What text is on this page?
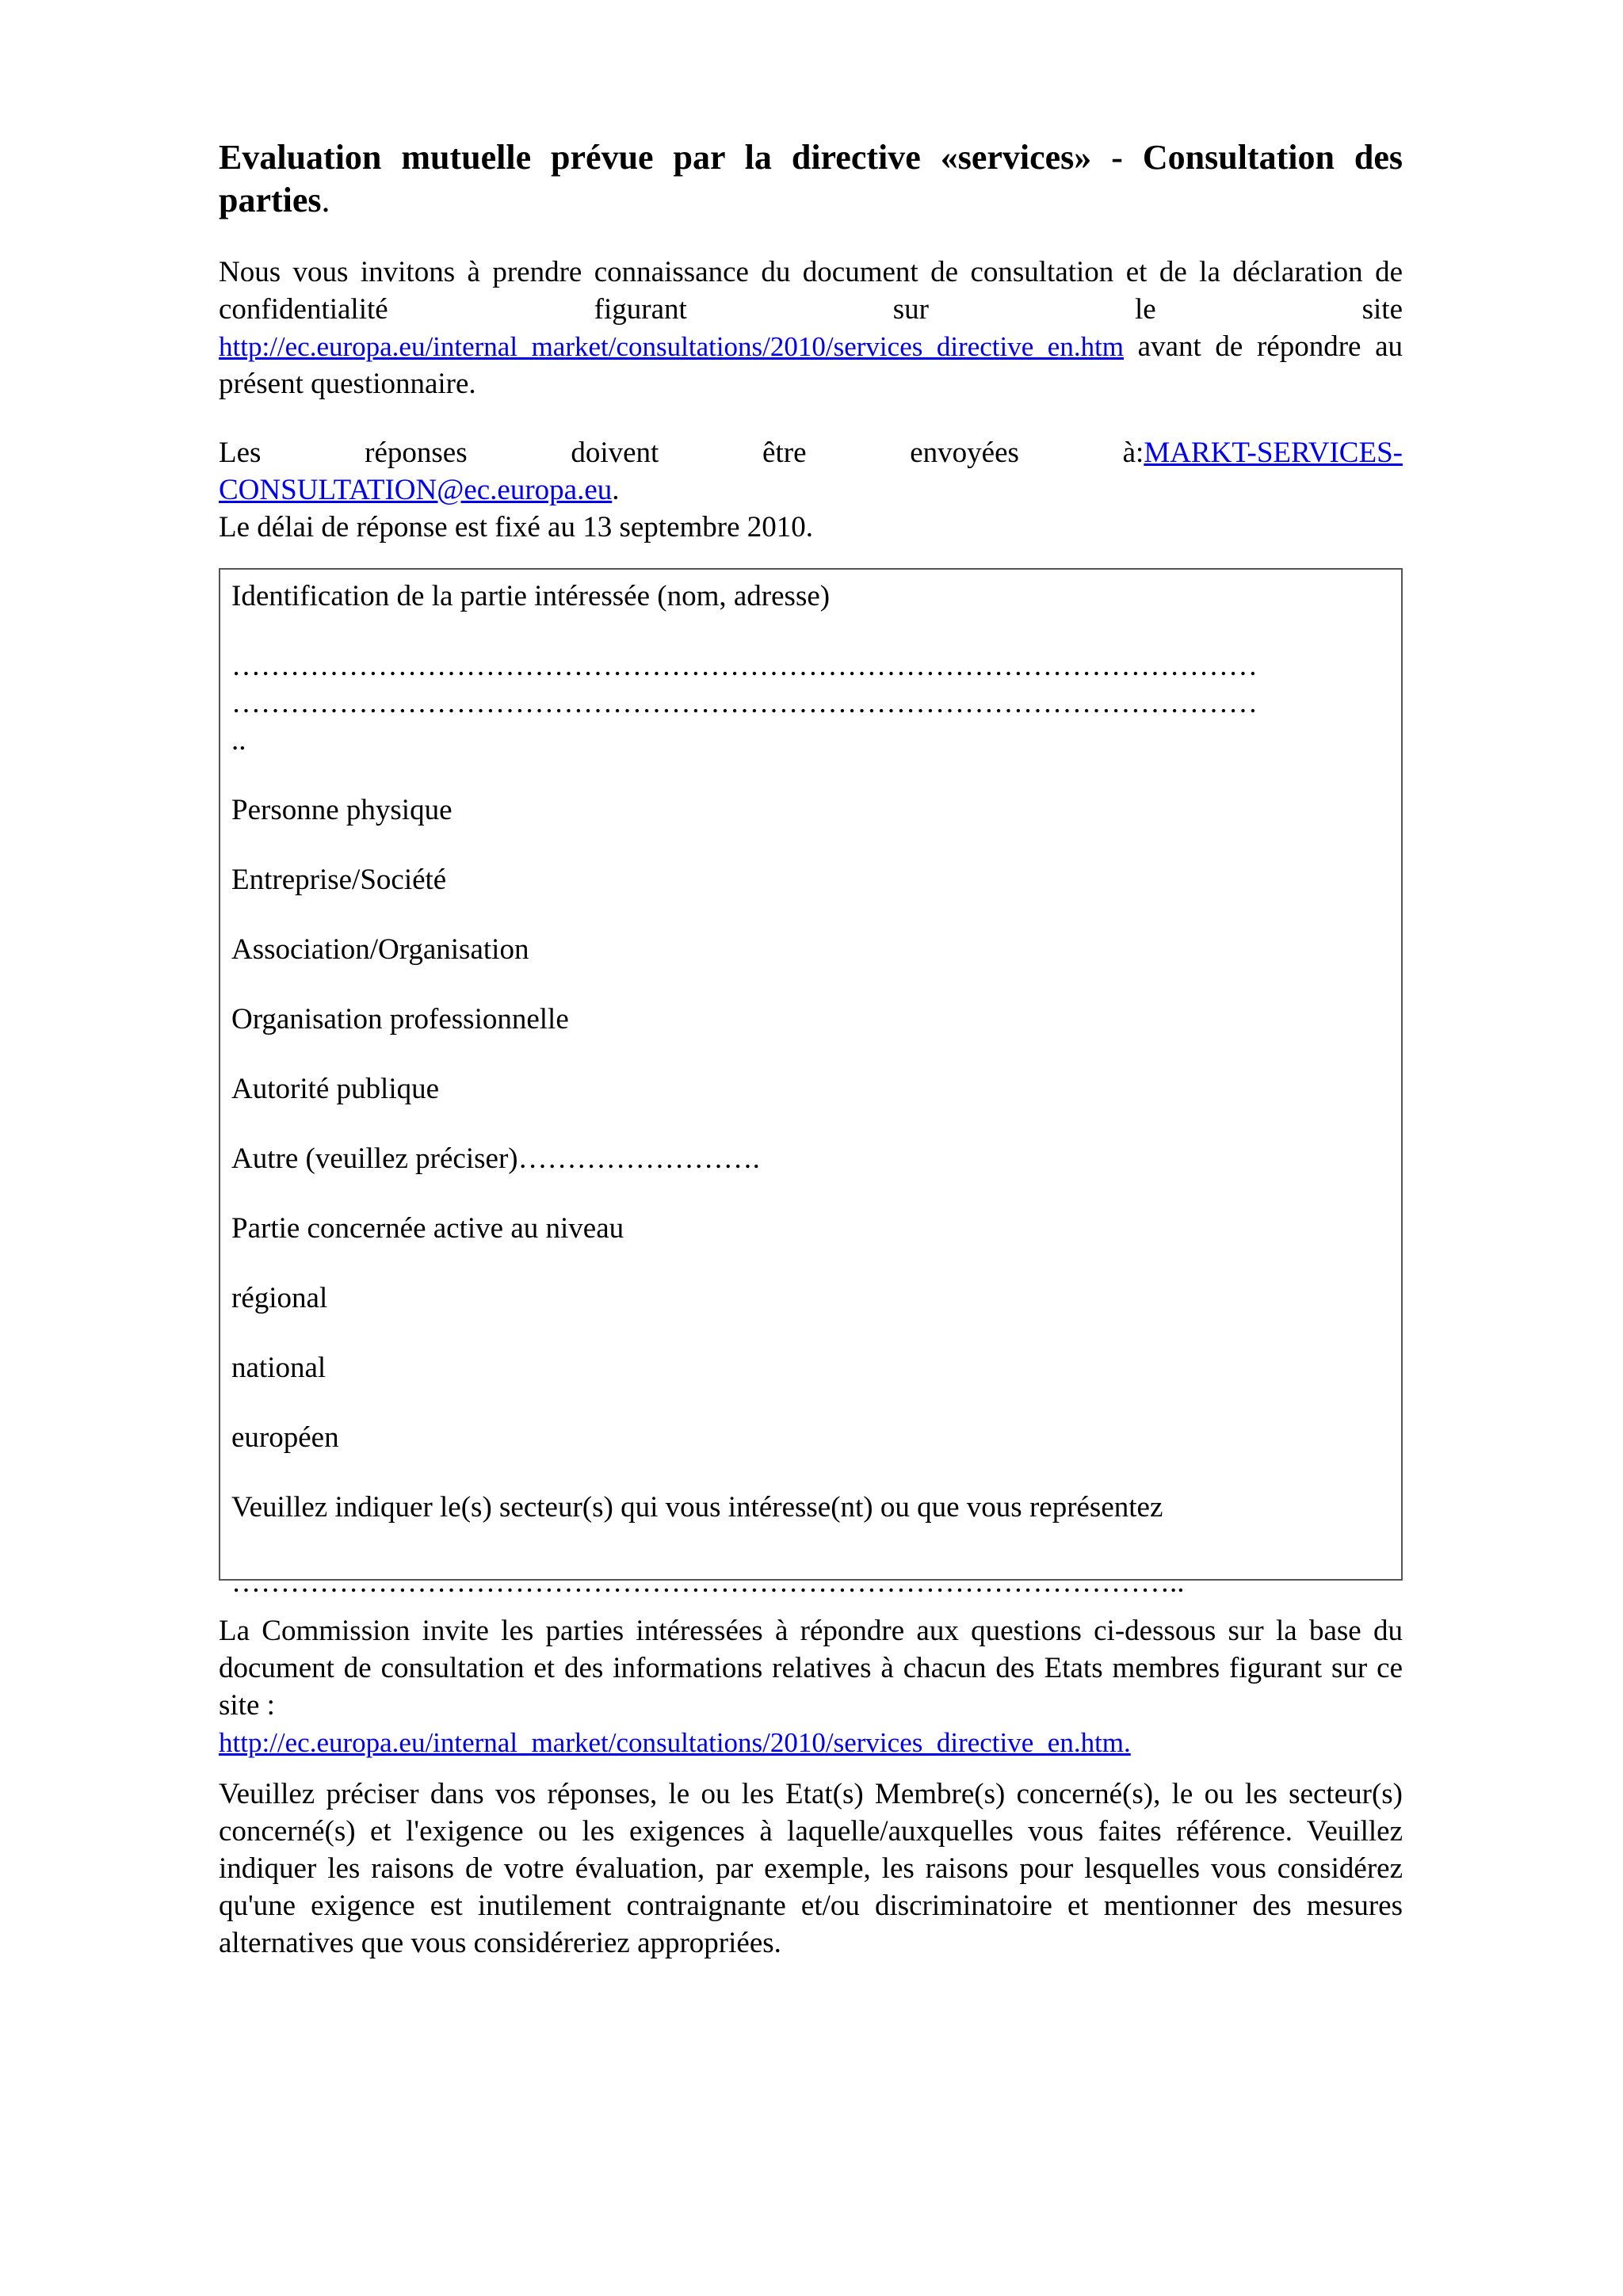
Evaluation mutuelle prévue par la directive «services» - Consultation des parties.

Nous vous invitons à prendre connaissance du document de consultation et de la déclaration de confidentialité figurant sur le site http://ec.europa.eu/internal_market/consultations/2010/services_directive_en.htm avant de répondre au présent questionnaire.

Les	réponses	doivent	être	envoyées	à:MARKT-SERVICES-
CONSULTATION@ec.europa.eu.
Le délai de réponse est fixé au 13 septembre 2010.
Identification de la partie intéressée (nom, adresse)
……………………………………………………………………………………………
……………………………………………………………………………………………
..
Personne physique
Entreprise/Société
Association/Organisation
Organisation professionnelle
Autorité publique
Autre (veuillez préciser)…………………….
Partie concernée active au niveau
régional
national
européen
Veuillez indiquer le(s) secteur(s) qui vous intéresse(nt) ou que vous représentez
……………………………………………………………………………………..

La Commission invite les parties intéressées à répondre aux questions ci-dessous sur la base du document de consultation et des informations relatives à chacun des Etats membres figurant sur ce site :
http://ec.europa.eu/internal_market/consultations/2010/services_directive_en.htm.

Veuillez préciser dans vos réponses, le ou les Etat(s) Membre(s) concerné(s), le ou les secteur(s) concerné(s) et l'exigence ou les exigences à laquelle/auxquelles vous faites référence. Veuillez indiquer les raisons de votre évaluation, par exemple, les raisons pour lesquelles vous considérez qu'une exigence est inutilement contraignante et/ou discriminatoire et mentionner des mesures alternatives que vous considéreriez appropriées.
